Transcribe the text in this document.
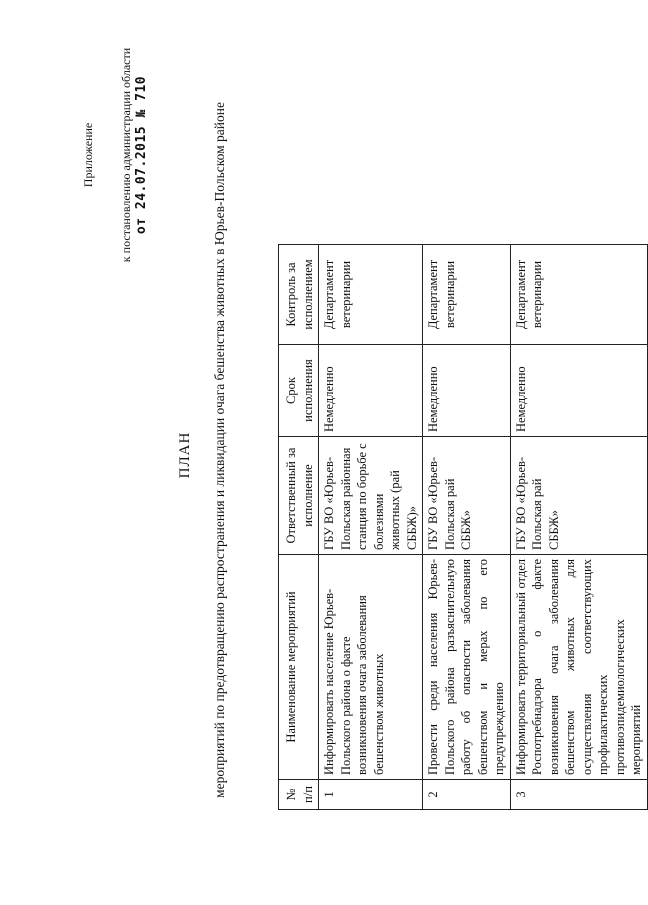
Приложение к постановлению администрации области от 24.07.2015 № 710
ПЛАН мероприятий по предотвращению распространения и ликвидации очага бешенства животных в Юрьев-Польском районе	№ п/п	Наименование мероприятий	Ответственный за исполнение	Срок исполнения	Контроль за исполнением
1	Информировать население Юрьев-Польского района о факте возникновения очага заболевания бешенством животных	ГБУ ВО «Юрьев-Польская районная станция по борьбе с болезнями животных (рай СББЖ)»	Немедленно	Департамент ветеринарии
2	Провести среди населения Юрьев-Польского района разъяснительную работу об опасности заболевания бешенством и мерах по его предупреждению	ГБУ ВО «Юрьев-Польская рай СББЖ»	Немедленно	Департамент ветеринарии
3	Информировать территориальный отдел Роспотребнадзора о факте возникновения очага заболевания бешенством животных для осуществления соответствующих профилактических противоэпидемиологических мероприятий	ГБУ ВО «Юрьев-Польская рай СББЖ»	Немедленно	Департамент ветеринарии
